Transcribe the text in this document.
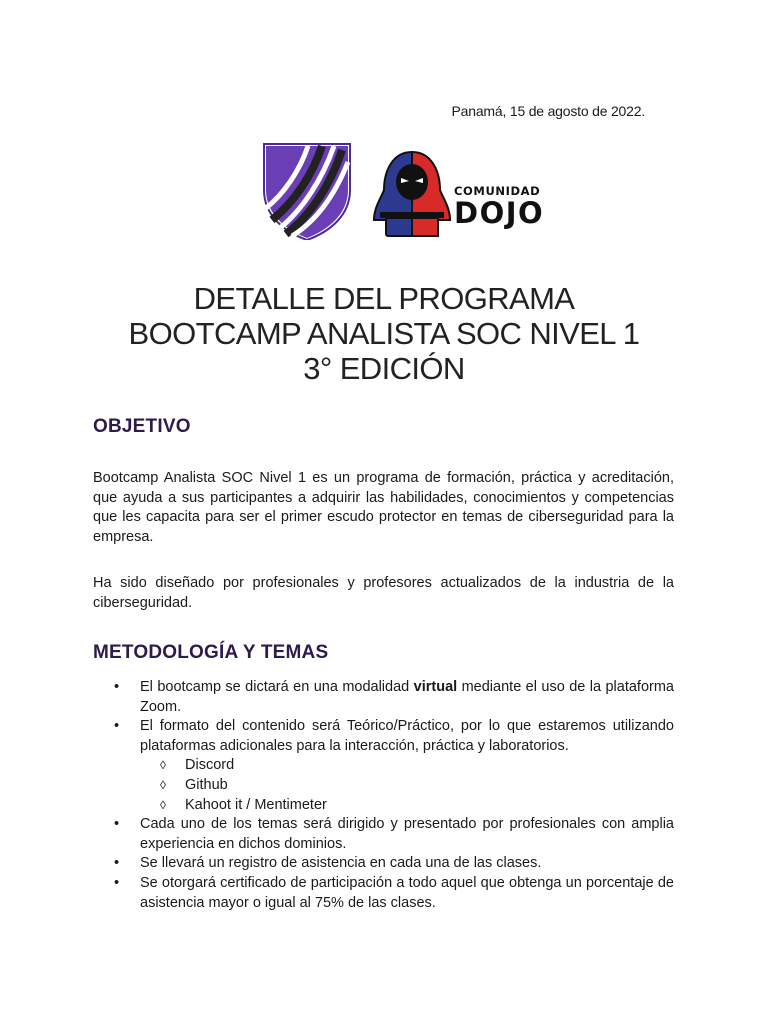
Panamá, 15 de agosto de 2022.
COMUNIDAD
DOJO
DETALLE DEL PROGRAMA
BOOTCAMP ANALISTA SOC NIVEL 1
3° EDICIÓN
OBJETIVO

Bootcamp Analista SOC Nivel 1 es un programa de formación, práctica y acreditación, que ayuda a sus participantes a adquirir las habilidades, conocimientos y competencias que les capacita para ser el primer escudo protector en temas de ciberseguridad para la empresa.

Ha sido diseñado por profesionales y profesores actualizados de la industria de la ciberseguridad.

METODOLOGÍA Y TEMAS
• El bootcamp se dictará en una modalidad virtual mediante el uso de la plataforma Zoom.
• El formato del contenido será Teórico/Práctico, por lo que estaremos utilizando plataformas adicionales para la interacción, práctica y laboratorios.
◊ Discord
◊ Github
◊ Kahoot it / Mentimeter
• Cada uno de los temas será dirigido y presentado por profesionales con amplia experiencia en dichos dominios.
• Se llevará un registro de asistencia en cada una de las clases.
• Se otorgará certificado de participación a todo aquel que obtenga un porcentaje de asistencia mayor o igual al 75% de las clases.
